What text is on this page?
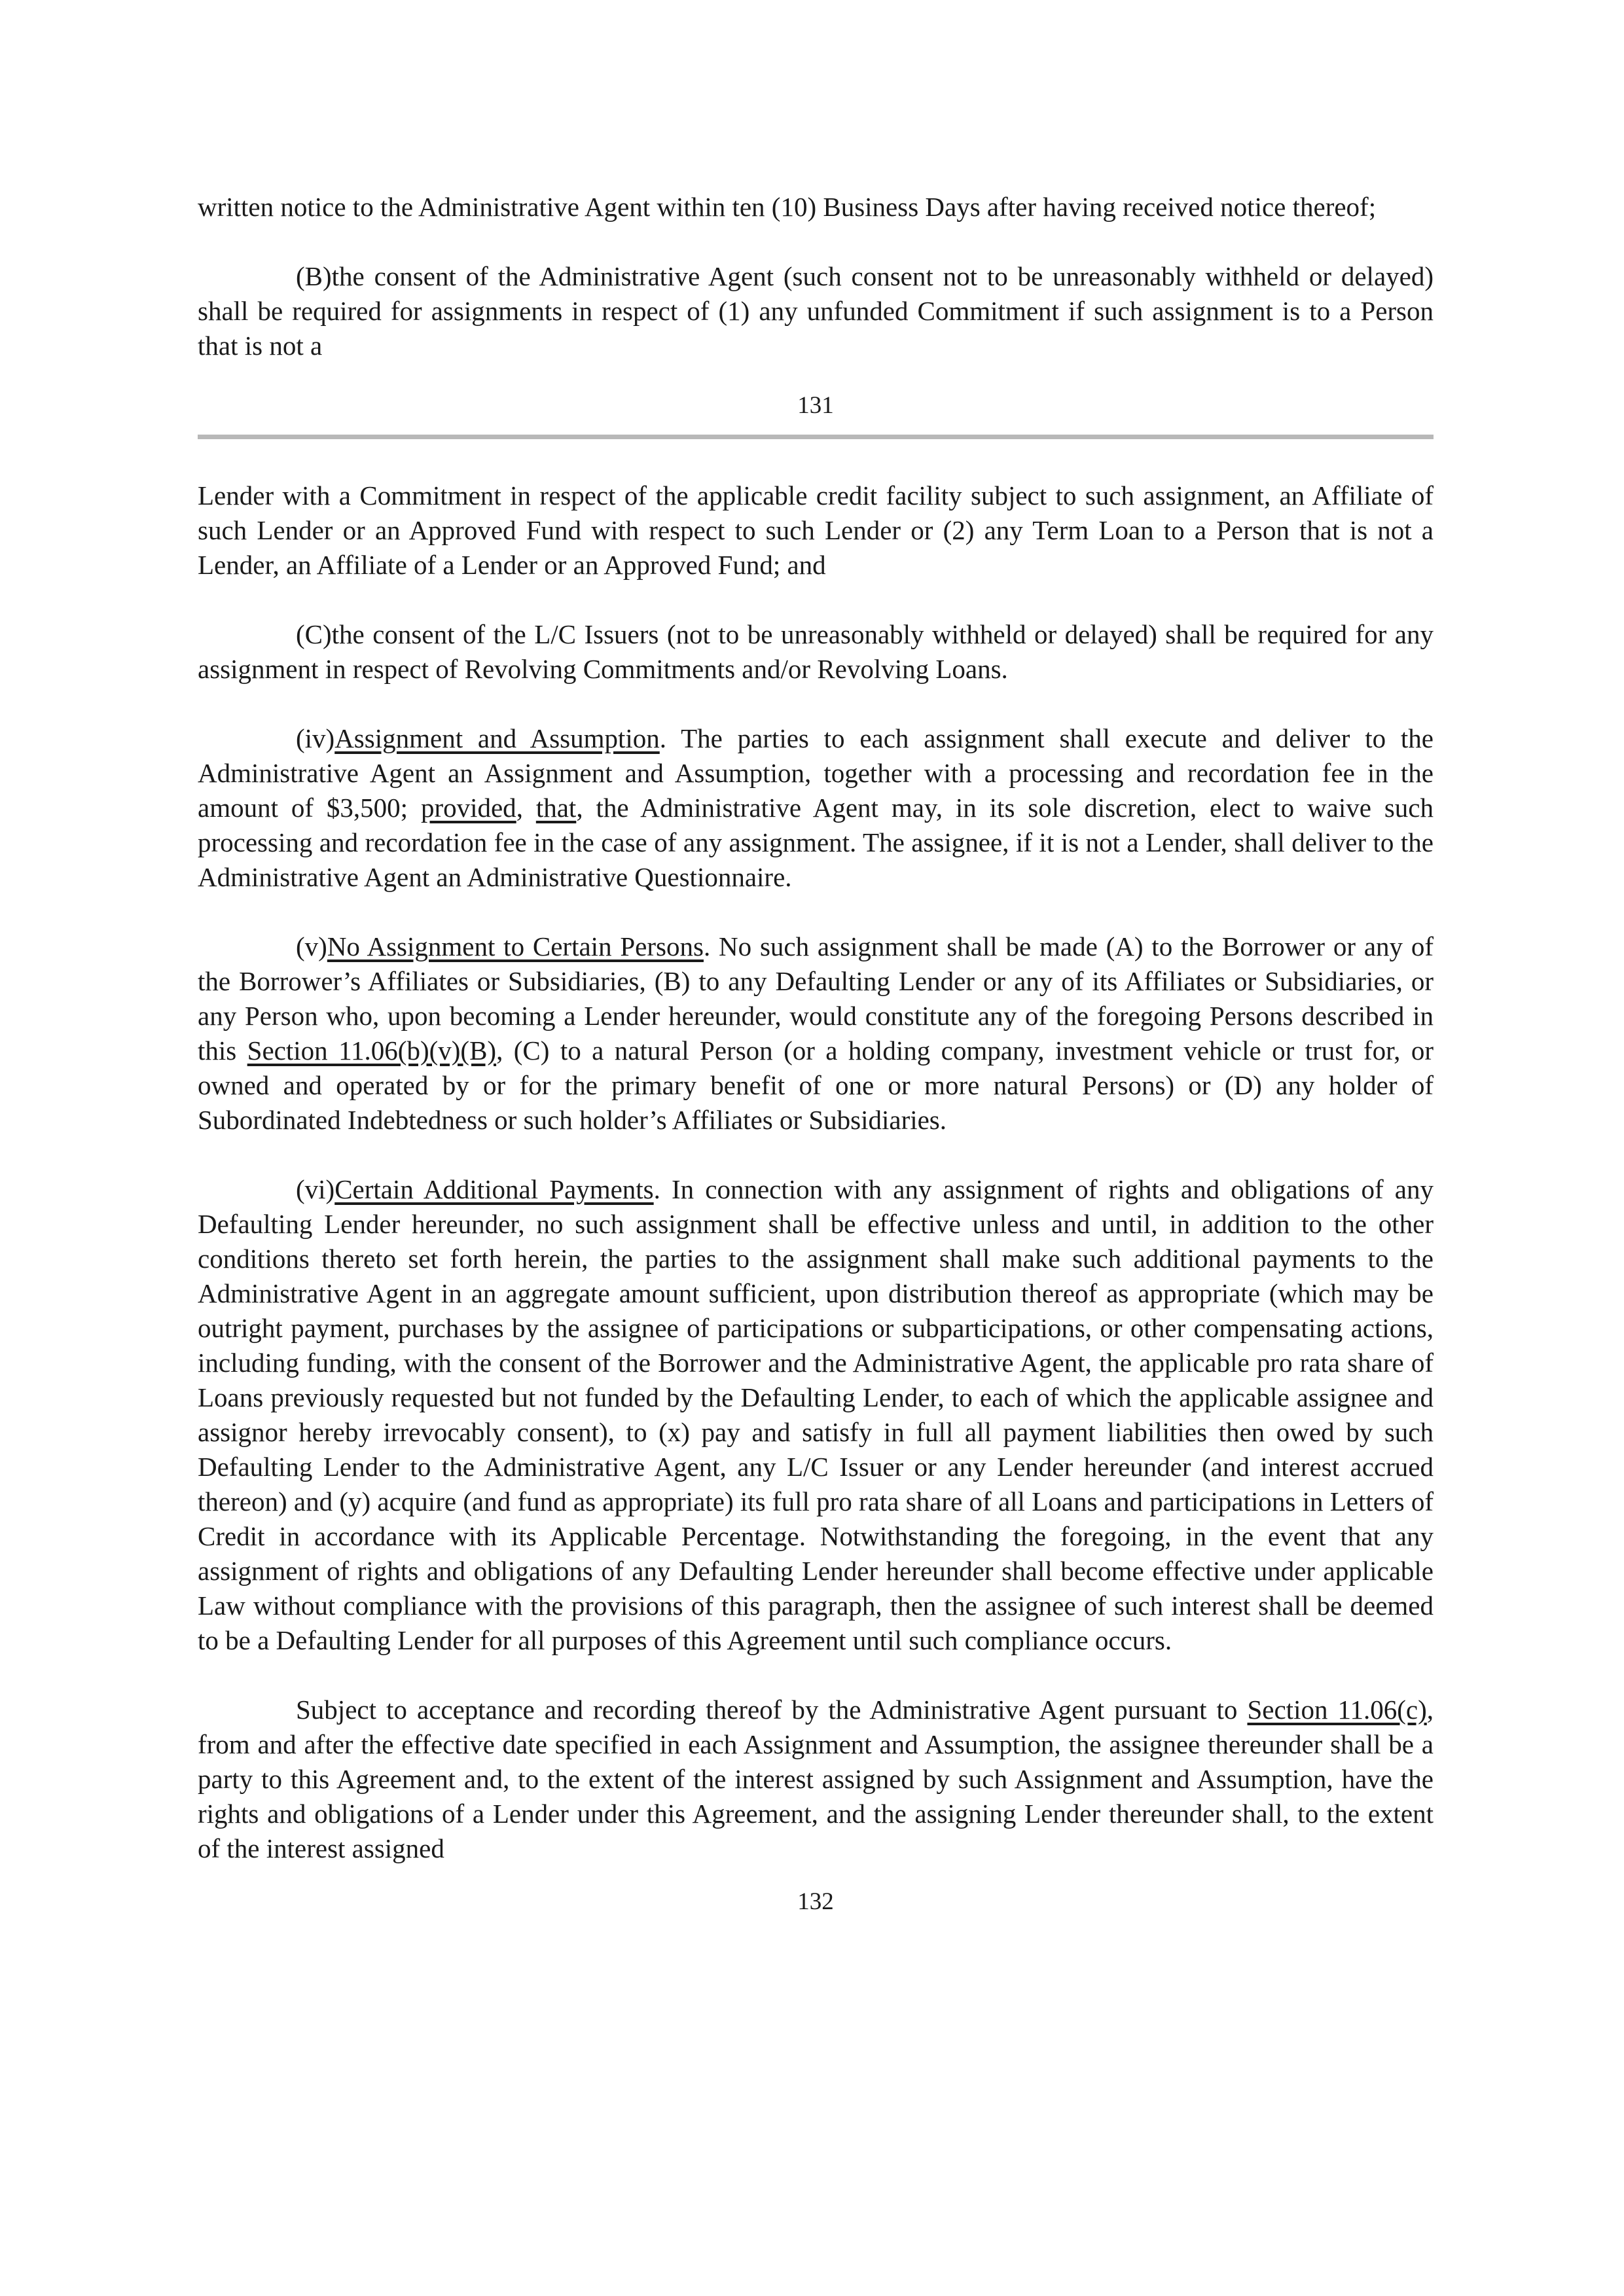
written notice to the Administrative Agent within ten (10) Business Days after having received notice thereof;

(B)the consent of the Administrative Agent (such consent not to be unreasonably withheld or delayed) shall be required for assignments in respect of (1) any unfunded Commitment if such assignment is to a Person that is not a

131

Lender with a Commitment in respect of the applicable credit facility subject to such assignment, an Affiliate of such Lender or an Approved Fund with respect to such Lender or (2) any Term Loan to a Person that is not a Lender, an Affiliate of a Lender or an Approved Fund; and

(C)the consent of the L/C Issuers (not to be unreasonably withheld or delayed) shall be required for any assignment in respect of Revolving Commitments and/or Revolving Loans.

(iv)Assignment and Assumption. The parties to each assignment shall execute and deliver to the Administrative Agent an Assignment and Assumption, together with a processing and recordation fee in the amount of $3,500; provided, that, the Administrative Agent may, in its sole discretion, elect to waive such processing and recordation fee in the case of any assignment. The assignee, if it is not a Lender, shall deliver to the Administrative Agent an Administrative Questionnaire.

(v)No Assignment to Certain Persons. No such assignment shall be made (A) to the Borrower or any of the Borrower’s Affiliates or Subsidiaries, (B) to any Defaulting Lender or any of its Affiliates or Subsidiaries, or any Person who, upon becoming a Lender hereunder, would constitute any of the foregoing Persons described in this Section 11.06(b)(v)(B), (C) to a natural Person (or a holding company, investment vehicle or trust for, or owned and operated by or for the primary benefit of one or more natural Persons) or (D) any holder of Subordinated Indebtedness or such holder’s Affiliates or Subsidiaries.

(vi)Certain Additional Payments. In connection with any assignment of rights and obligations of any Defaulting Lender hereunder, no such assignment shall be effective unless and until, in addition to the other conditions thereto set forth herein, the parties to the assignment shall make such additional payments to the Administrative Agent in an aggregate amount sufficient, upon distribution thereof as appropriate (which may be outright payment, purchases by the assignee of participations or subparticipations, or other compensating actions, including funding, with the consent of the Borrower and the Administrative Agent, the applicable pro rata share of Loans previously requested but not funded by the Defaulting Lender, to each of which the applicable assignee and assignor hereby irrevocably consent), to (x) pay and satisfy in full all payment liabilities then owed by such Defaulting Lender to the Administrative Agent, any L/C Issuer or any Lender hereunder (and interest accrued thereon) and (y) acquire (and fund as appropriate) its full pro rata share of all Loans and participations in Letters of Credit in accordance with its Applicable Percentage. Notwithstanding the foregoing, in the event that any assignment of rights and obligations of any Defaulting Lender hereunder shall become effective under applicable Law without compliance with the provisions of this paragraph, then the assignee of such interest shall be deemed to be a Defaulting Lender for all purposes of this Agreement until such compliance occurs.

Subject to acceptance and recording thereof by the Administrative Agent pursuant to Section 11.06(c), from and after the effective date specified in each Assignment and Assumption, the assignee thereunder shall be a party to this Agreement and, to the extent of the interest assigned by such Assignment and Assumption, have the rights and obligations of a Lender under this Agreement, and the assigning Lender thereunder shall, to the extent of the interest assigned

132
